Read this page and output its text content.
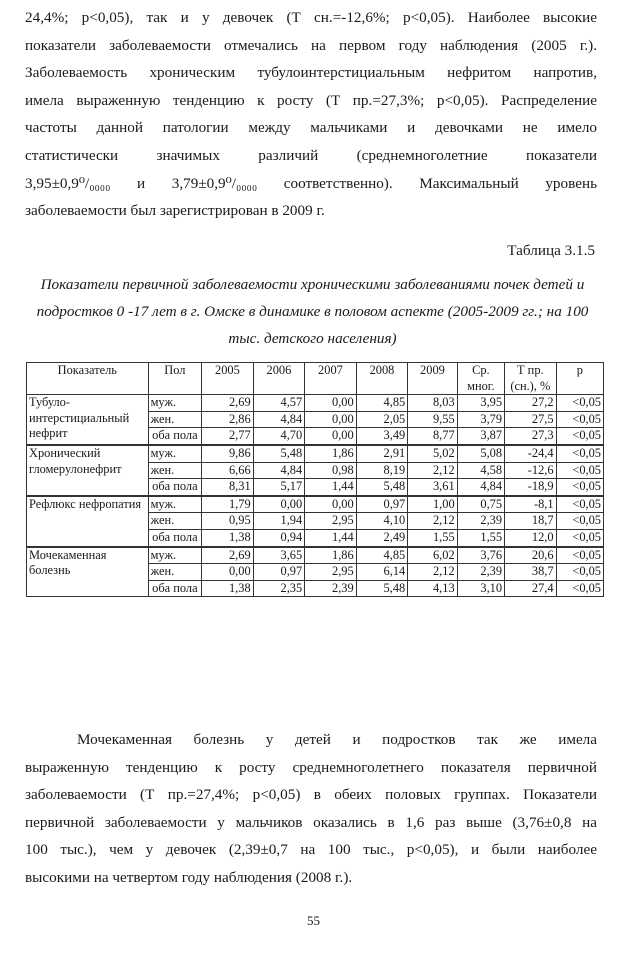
24,4%; p<0,05), так и у девочек (Т сн.=-12,6%; p<0,05). Наиболее высокие
показатели заболеваемости отмечались на первом году наблюдения (2005 г.).
Заболеваемость хроническим тубулоинтерстициальным нефритом напротив,
имела выраженную тенденцию к росту (Т пр.=27,3%; p<0,05). Распределение
частоты данной патологии между мальчиками и девочками не имело
статистически значимых различий (среднемноголетние показатели
3,95±0,9⁰/₀₀₀₀ и 3,79±0,9⁰/₀₀₀₀ соответственно). Максимальный уровень
заболеваемости был зарегистрирован в 2009 г.
Таблица 3.1.5
Показатели первичной заболеваемости хроническими заболеваниями почек детей и подростков 0 -17 лет в г. Омске в динамике в половом аспекте (2005-2009 гг.; на 100 тыс. детского населения)
Показатель	Пол	2005	2006	2007	2008	2009	Ср. мног.	Т пр. (сн.), %	p
Тубуло-интерстициальный нефрит	муж.	2,69	4,57	0,00	4,85	8,03	3,95	27,2	<0,05
	жен.	2,86	4,84	0,00	2,05	9,55	3,79	27,5	<0,05
	оба пола	2,77	4,70	0,00	3,49	8,77	3,87	27,3	<0,05
Хронический гломерулонефрит	муж.	9,86	5,48	1,86	2,91	5,02	5,08	-24,4	<0,05
	жен.	6,66	4,84	0,98	8,19	2,12	4,58	-12,6	<0,05
	оба пола	8,31	5,17	1,44	5,48	3,61	4,84	-18,9	<0,05
Рефлюкс нефропатия	муж.	1,79	0,00	0,00	0,97	1,00	0,75	-8,1	<0,05
	жен.	0,95	1,94	2,95	4,10	2,12	2,39	18,7	<0,05
	оба пола	1,38	0,94	1,44	2,49	1,55	1,55	12,0	<0,05
Мочекаменная болезнь	муж.	2,69	3,65	1,86	4,85	6,02	3,76	20,6	<0,05
	жен.	0,00	0,97	2,95	6,14	2,12	2,39	38,7	<0,05
	оба пола	1,38	2,35	2,39	5,48	4,13	3,10	27,4	<0,05
Мочекаменная болезнь у детей и подростков так же имела
выраженную тенденцию к росту среднемноголетнего показателя первичной
заболеваемости (Т пр.=27,4%; p<0,05) в обеих половых группах. Показатели
первичной заболеваемости у мальчиков оказались в 1,6 раз выше (3,76±0,8 на
100 тыс.), чем у девочек (2,39±0,7 на 100 тыс., p<0,05), и были наиболее
высокими на четвертом году наблюдения (2008 г.).
55
